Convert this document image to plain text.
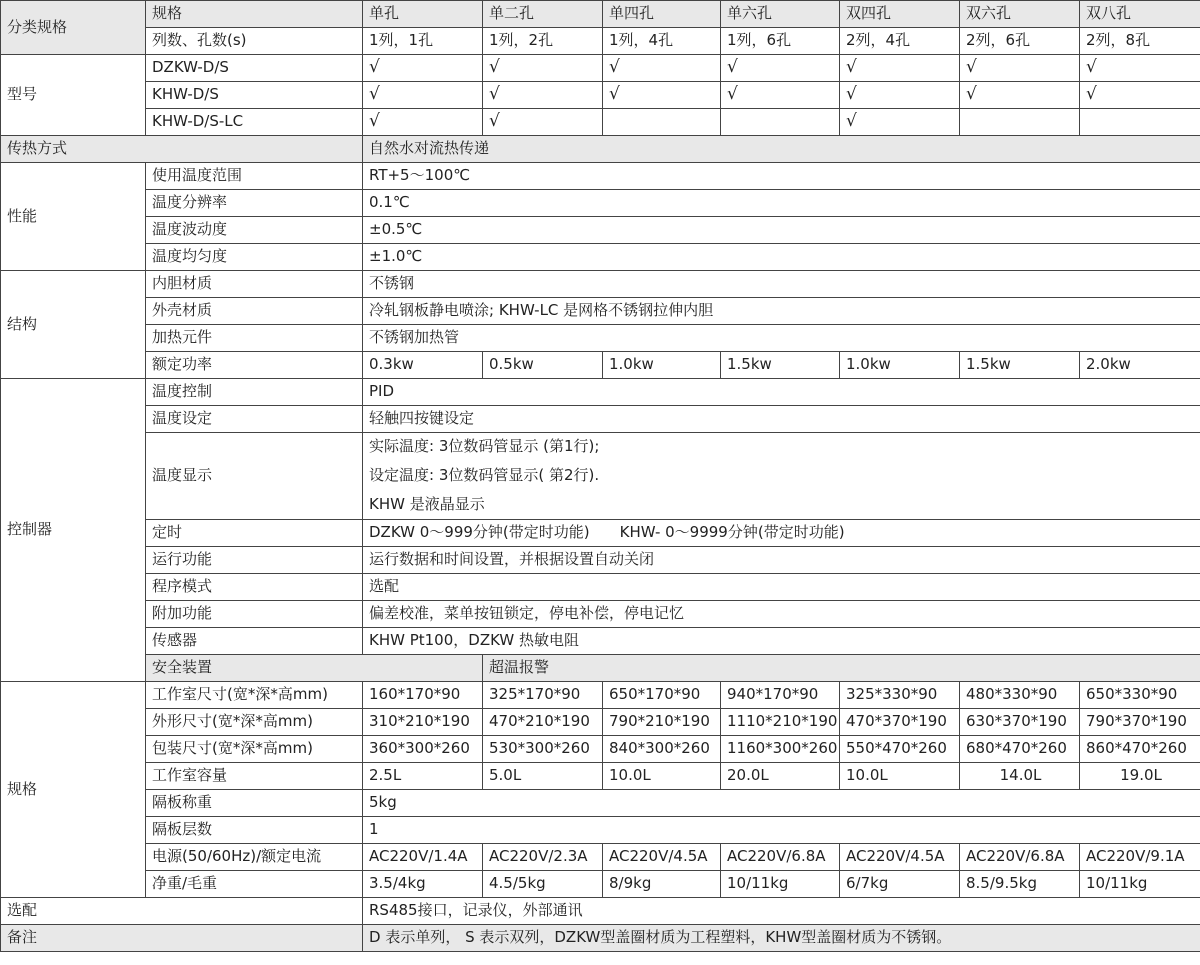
分类规格	规格	单孔	单二孔	单四孔	单六孔	双四孔	双六孔	双八孔
	列数、孔数(s)	1列，1孔	1列，2孔	1列，4孔	1列，6孔	2列，4孔	2列，6孔	2列，8孔
型号	DZKW-D/S	√	√	√	√	√	√	√
	KHW-D/S	√	√	√	√	√	√	√
	KHW-D/S-LC	√	√			√		
传热方式		自然水对流热传递						
性能	使用温度范围	RT+5～100℃						
	温度分辨率	0.1℃						
	温度波动度	±0.5℃						
	温度均匀度	±1.0℃						
结构	内胆材质	不锈钢						
	外壳材质	冷轧钢板静电喷涂; KHW-LC 是网格不锈钢拉伸内胆						
	加热元件	不锈钢加热管						
	额定功率	0.3kw	0.5kw	1.0kw	1.5kw	1.0kw	1.5kw	2.0kw
控制器	温度控制	PID						
	温度设定	轻触四按键设定						
	温度显示	实际温度: 3位数码管显示 (第1行);						
		设定温度: 3位数码管显示( 第2行).						
		KHW 是液晶显示						
	定时	DZKW 0～999分钟(带定时功能)　　KHW- 0～9999分钟(带定时功能)						
	运行功能	运行数据和时间设置，并根据设置自动关闭						
	程序模式	选配						
	附加功能	偏差校准，菜单按钮锁定，停电补偿，停电记忆						
	传感器	KHW Pt100，DZKW 热敏电阻						
	安全装置		超温报警					
规格	工作室尺寸(宽*深*高mm)	160*170*90	325*170*90	650*170*90	940*170*90	325*330*90	480*330*90	650*330*90
	外形尺寸(宽*深*高mm)	310*210*190	470*210*190	790*210*190	1110*210*190	470*370*190	630*370*190	790*370*190
	包装尺寸(宽*深*高mm)	360*300*260	530*300*260	840*300*260	1160*300*260	550*470*260	680*470*260	860*470*260
	工作室容量	2.5L	5.0L	10.0L	20.0L	10.0L	14.0L	19.0L
	隔板称重	5kg						
	隔板层数	1						
	电源(50/60Hz)/额定电流	AC220V/1.4A	AC220V/2.3A	AC220V/4.5A	AC220V/6.8A	AC220V/4.5A	AC220V/6.8A	AC220V/9.1A
	净重/毛重	3.5/4kg	4.5/5kg	8/9kg	10/11kg	6/7kg	8.5/9.5kg	10/11kg
选配		RS485接口，记录仪，外部通讯						
备注		D 表示单列， S 表示双列，DZKW型盖圈材质为工程塑料，KHW型盖圈材质为不锈钢。						
